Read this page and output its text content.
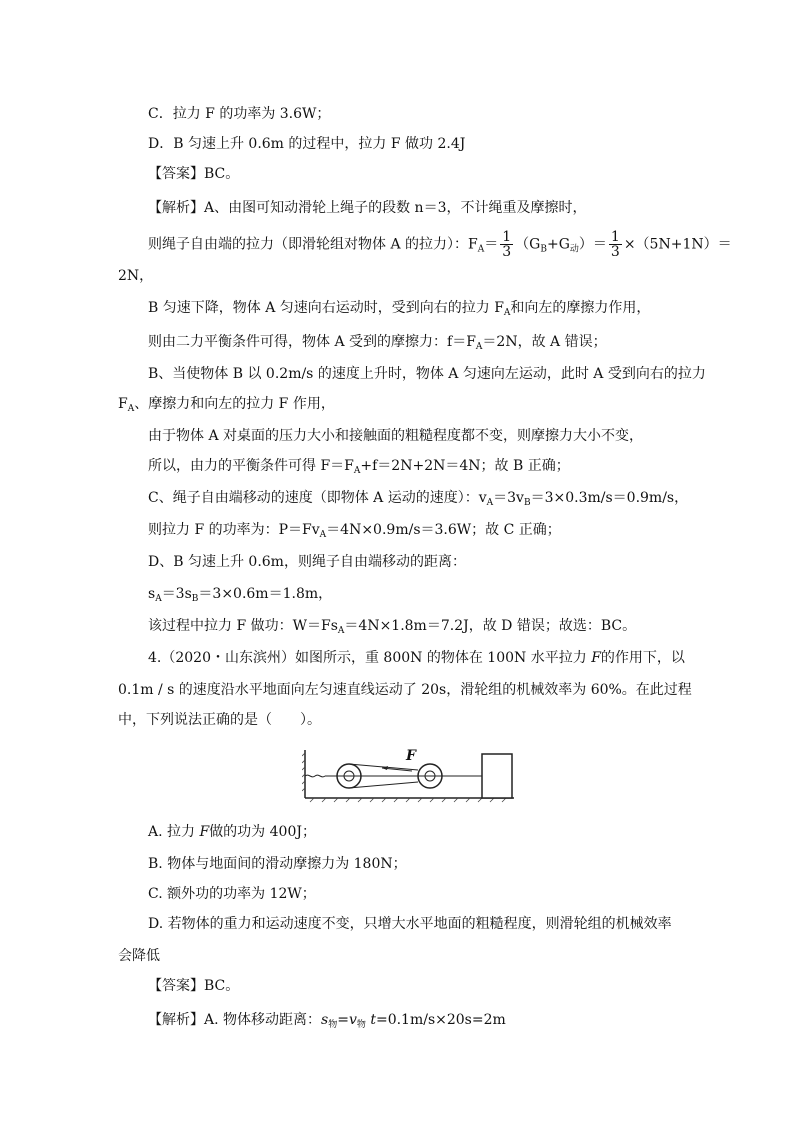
C．拉力 F 的功率为 3.6W；
D．B 匀速上升 0.6m 的过程中，拉力 F 做功 2.4J
【答案】BC。
【解析】A、由图可知动滑轮上绳子的段数 n＝3，不计绳重及摩擦时，
则绳子自由端的拉力（即滑轮组对物体 A 的拉力）：$F_A= \frac{1}{3} (G_B+G_动)= \frac{1}{3} \times(5N+1N)=$
2N，
B 匀速下降，物体 A 匀速向右运动时，受到向右的拉力 $F_A$和向左的摩擦力作用，
则由二力平衡条件可得，物体 A 受到的摩擦力：$f=F_A=2N$，故 A 错误；
B、当使物体 B 以 0.2m/s 的速度上升时，物体 A 匀速向左运动，此时 A 受到向右的拉力
$F_A$、摩擦力和向左的拉力 F 作用，
由于物体 A 对桌面的压力大小和接触面的粗糙程度都不变，则摩擦力大小不变，
所以，由力的平衡条件可得 $F=F_A+f=2N+2N=4N$；故 B 正确；
C、绳子自由端移动的速度（即物体 A 运动的速度）：$v_A=3v_B=3\times 0.3m/s=0.9m/s$，
则拉力 F 的功率为：$P=Fv_A=4N\times 0.9m/s=3.6W$；故 C 正确；
D、B 匀速上升 0.6m，则绳子自由端移动的距离：
$s_A=3s_B=3\times 0.6m=1.8m$，
该过程中拉力 F 做功：$W=Fs_A=4N\times 1.8m=7.2J$，故 D 错误；故选：BC。
4.（2020・山东滨州）如图所示，重 800N 的物体在 100N 水平拉力 F的作用下，以
0.1m / s 的速度沿水平地面向左匀速直线运动了 20s，滑轮组的机械效率为 60%。在此过程
中，下列说法正确的是（　　）。
F
A. 拉力 F做的功为 400J；
B. 物体与地面间的滑动摩擦力为 180N；
C. 额外功的功率为 12W；
D. 若物体的重力和运动速度不变，只增大水平地面的粗糙程度，则滑轮组的机械效率
会降低
【答案】BC。
【解析】A. 物体移动距离：$s_物=v_物$ t=0.1m/s×20s=2m
